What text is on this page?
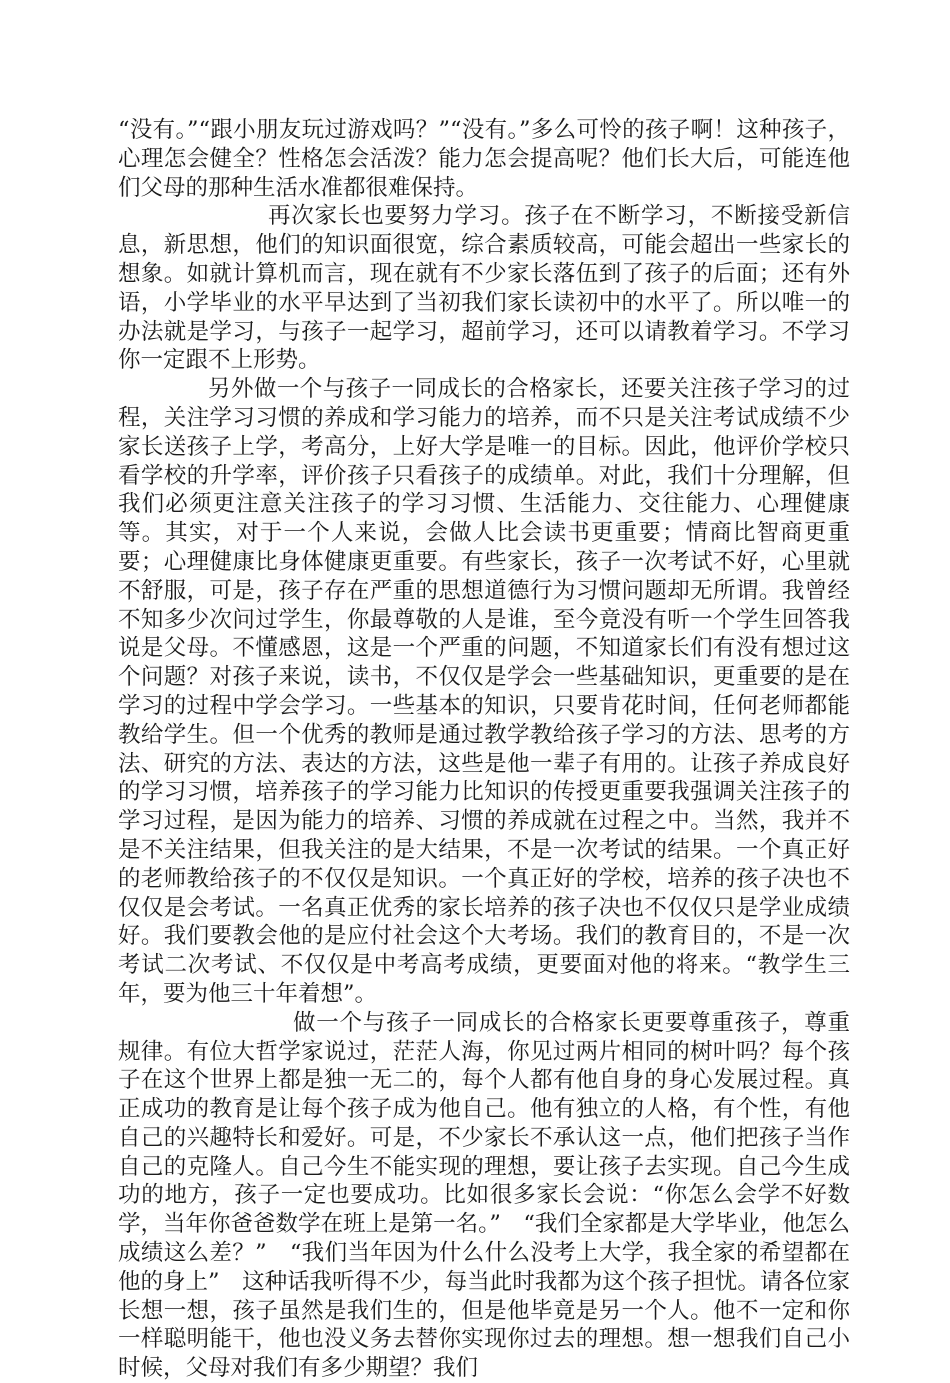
“没有。”“跟小朋友玩过游戏吗？”“没有。”多么可怜的孩子啊！这种孩子，心理怎会健全？性格怎会活泼？能力怎会提高呢？他们长大后，可能连他们父母的那种生活水准都很难保持。

再次家长也要努力学习。孩子在不断学习，不断接受新信息，新思想，他们的知识面很宽，综合素质较高，可能会超出一些家长的想象。如就计算机而言，现在就有不少家长落伍到了孩子的后面；还有外语，小学毕业的水平早达到了当初我们家长读初中的水平了。所以唯一的办法就是学习，与孩子一起学习，超前学习，还可以请教着学习。不学习你一定跟不上形势。

另外做一个与孩子一同成长的合格家长，还要关注孩子学习的过程，关注学习习惯的养成和学习能力的培养，而不只是关注考试成绩不少家长送孩子上学，考高分，上好大学是唯一的目标。因此，他评价学校只看学校的升学率，评价孩子只看孩子的成绩单。对此，我们十分理解，但我们必须更注意关注孩子的学习习惯、生活能力、交往能力、心理健康等。其实，对于一个人来说，会做人比会读书更重要；情商比智商更重要；心理健康比身体健康更重要。有些家长，孩子一次考试不好，心里就不舒服，可是，孩子存在严重的思想道德行为习惯问题却无所谓。我曾经不知多少次问过学生，你最尊敬的人是谁，至今竟没有听一个学生回答我说是父母。不懂感恩，这是一个严重的问题，不知道家长们有没有想过这个问题？对孩子来说，读书，不仅仅是学会一些基础知识，更重要的是在学习的过程中学会学习。一些基本的知识，只要肯花时间，任何老师都能教给学生。但一个优秀的教师是通过教学教给孩子学习的方法、思考的方法、研究的方法、表达的方法，这些是他一辈子有用的。让孩子养成良好的学习习惯，培养孩子的学习能力比知识的传授更重要我强调关注孩子的学习过程，是因为能力的培养、习惯的养成就在过程之中。当然，我并不是不关注结果，但我关注的是大结果，不是一次考试的结果。一个真正好的老师教给孩子的不仅仅是知识。一个真正好的学校，培养的孩子决也不仅仅是会考试。一名真正优秀的家长培养的孩子决也不仅仅只是学业成绩好。我们要教会他的是应付社会这个大考场。我们的教育目的，不是一次考试二次考试、不仅仅是中考高考成绩，更要面对他的将来。“教学生三年，要为他三十年着想”。

做一个与孩子一同成长的合格家长更要尊重孩子，尊重规律。有位大哲学家说过，茫茫人海，你见过两片相同的树叶吗？每个孩子在这个世界上都是独一无二的，每个人都有他自身的身心发展过程。真正成功的教育是让每个孩子成为他自己。他有独立的人格，有个性，有他自己的兴趣特长和爱好。可是，不少家长不承认这一点，他们把孩子当作自己的克隆人。自己今生不能实现的理想，要让孩子去实现。自己今生成功的地方，孩子一定也要成功。比如很多家长会说：“你怎么会学不好数学，当年你爸爸数学在班上是第一名。”　“我们全家都是大学毕业，他怎么成绩这么差？”　“我们当年因为什么什么没考上大学，我全家的希望都在他的身上”　这种话我听得不少，每当此时我都为这个孩子担忧。请各位家长想一想，孩子虽然是我们生的，但是他毕竟是另一个人。他不一定和你一样聪明能干，他也没义务去替你实现你过去的理想。想一想我们自己小时候，父母对我们有多少期望？我们
